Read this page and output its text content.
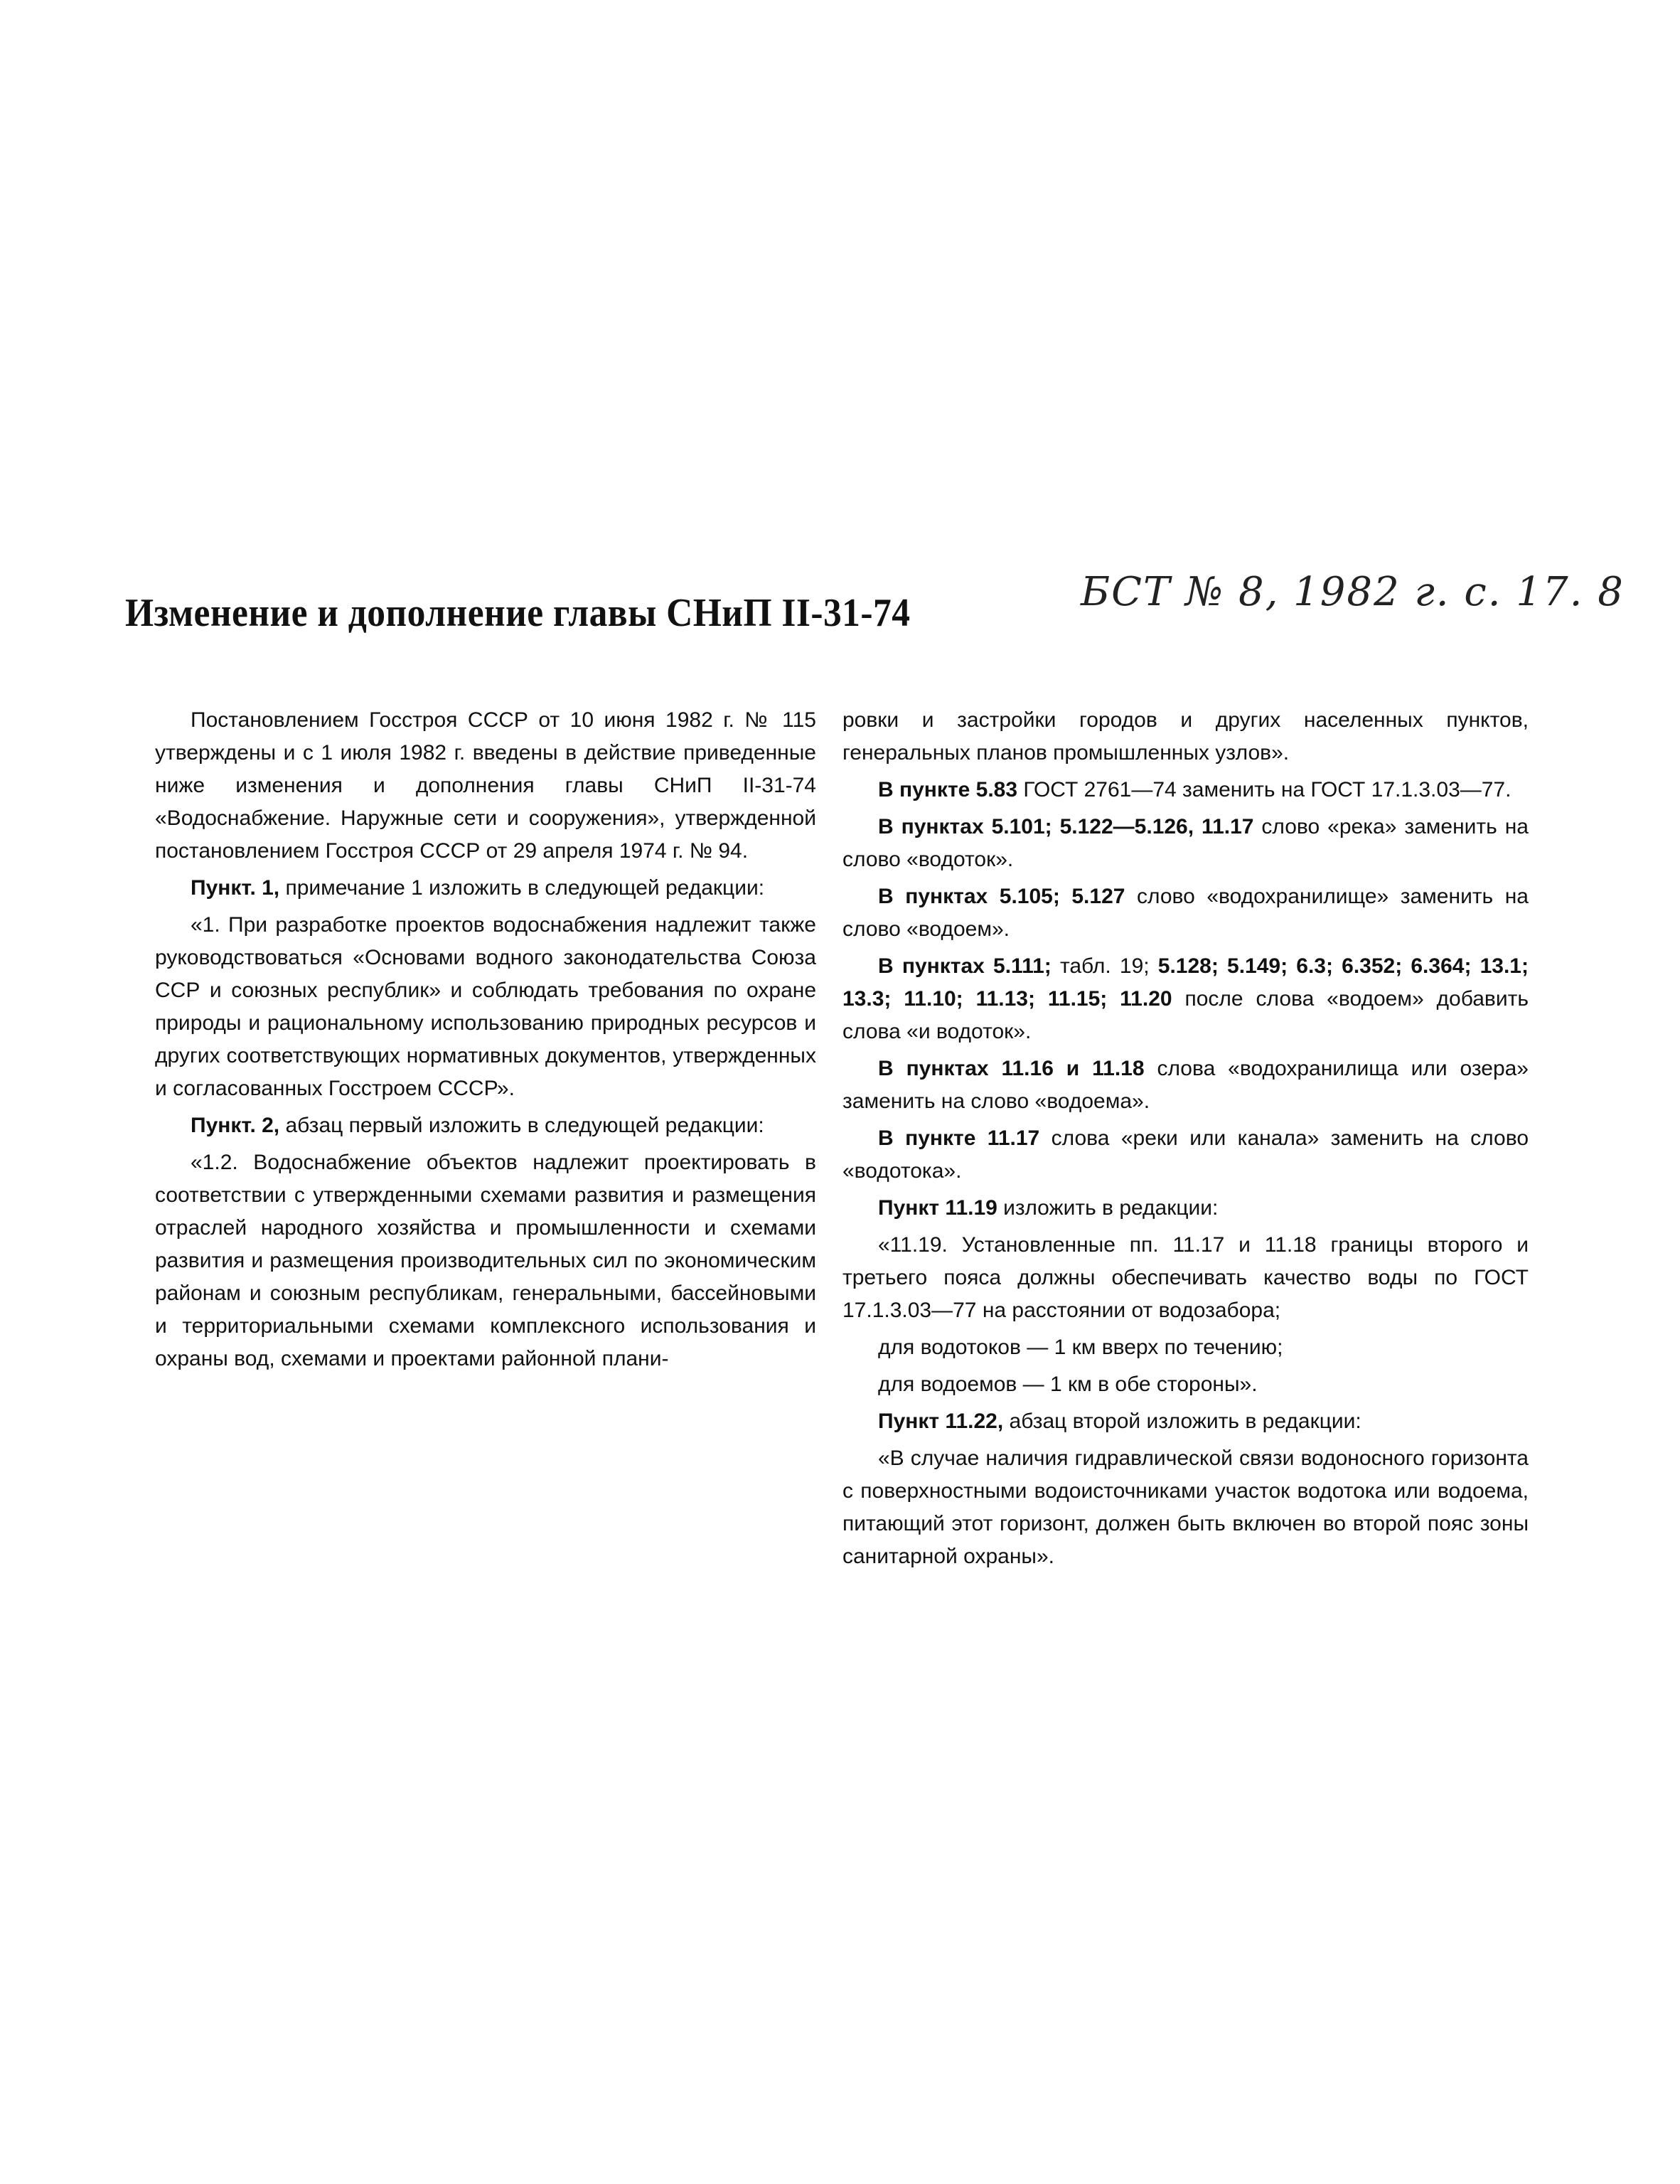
Изменение и дополнение главы СНиП II-31-74	БСТ № 8, 1982 г. с. 17. 8

Постановлением Госстроя СССР от 10 июня 1982 г. № 115 утверждены и с 1 июля 1982 г. введены в действие приведенные ниже изменения и дополнения главы СНиП II-31-74 «Водоснабжение. Наружные сети и сооружения», утвержденной постановлением Госстроя СССР от 29 апреля 1974 г. № 94.

Пункт. 1, примечание 1 изложить в следующей редакции:

«1. При разработке проектов водоснабжения надлежит также руководствоваться «Основами водного законодательства Союза ССР и союзных республик» и соблюдать требования по охране природы и рациональному использованию природных ресурсов и других соответствующих нормативных документов, утвержденных и согласованных Госстроем СССР».

Пункт. 2, абзац первый изложить в следующей редакции:

«1.2. Водоснабжение объектов надлежит проектировать в соответствии с утвержденными схемами развития и размещения отраслей народного хозяйства и промышленности и схемами развития и размещения производительных сил по экономическим районам и союзным республикам, генеральными, бассейновыми и территориальными схемами комплексного использования и охраны вод, схемами и проектами районной плани-

ровки и застройки городов и других населенных пунктов, генеральных планов промышленных узлов».

В пункте 5.83 ГОСТ 2761—74 заменить на ГОСТ 17.1.3.03—77.

В пунктах 5.101; 5.122—5.126, 11.17 слово «река» заменить на слово «водоток».

В пунктах 5.105; 5.127 слово «водохранилище» заменить на слово «водоем».

В пунктах 5.111; табл. 19; 5.128; 5.149; 6.3; 6.352; 6.364; 13.1; 13.3; 11.10; 11.13; 11.15; 11.20 после слова «водоем» добавить слова «и водоток».

В пунктах 11.16 и 11.18 слова «водохранилища или озера» заменить на слово «водоема».

В пункте 11.17 слова «реки или канала» заменить на слово «водотока».

Пункт 11.19 изложить в редакции:

«11.19. Установленные пп. 11.17 и 11.18 границы второго и третьего пояса должны обеспечивать качество воды по ГОСТ 17.1.3.03—77 на расстоянии от водозабора;

для водотоков — 1 км вверх по течению;

для водоемов — 1 км в обе стороны».

Пункт 11.22, абзац второй изложить в редакции:

«В случае наличия гидравлической связи водоносного горизонта с поверхностными водоисточниками участок водотока или водоема, питающий этот горизонт, должен быть включен во второй пояс зоны санитарной охраны».
